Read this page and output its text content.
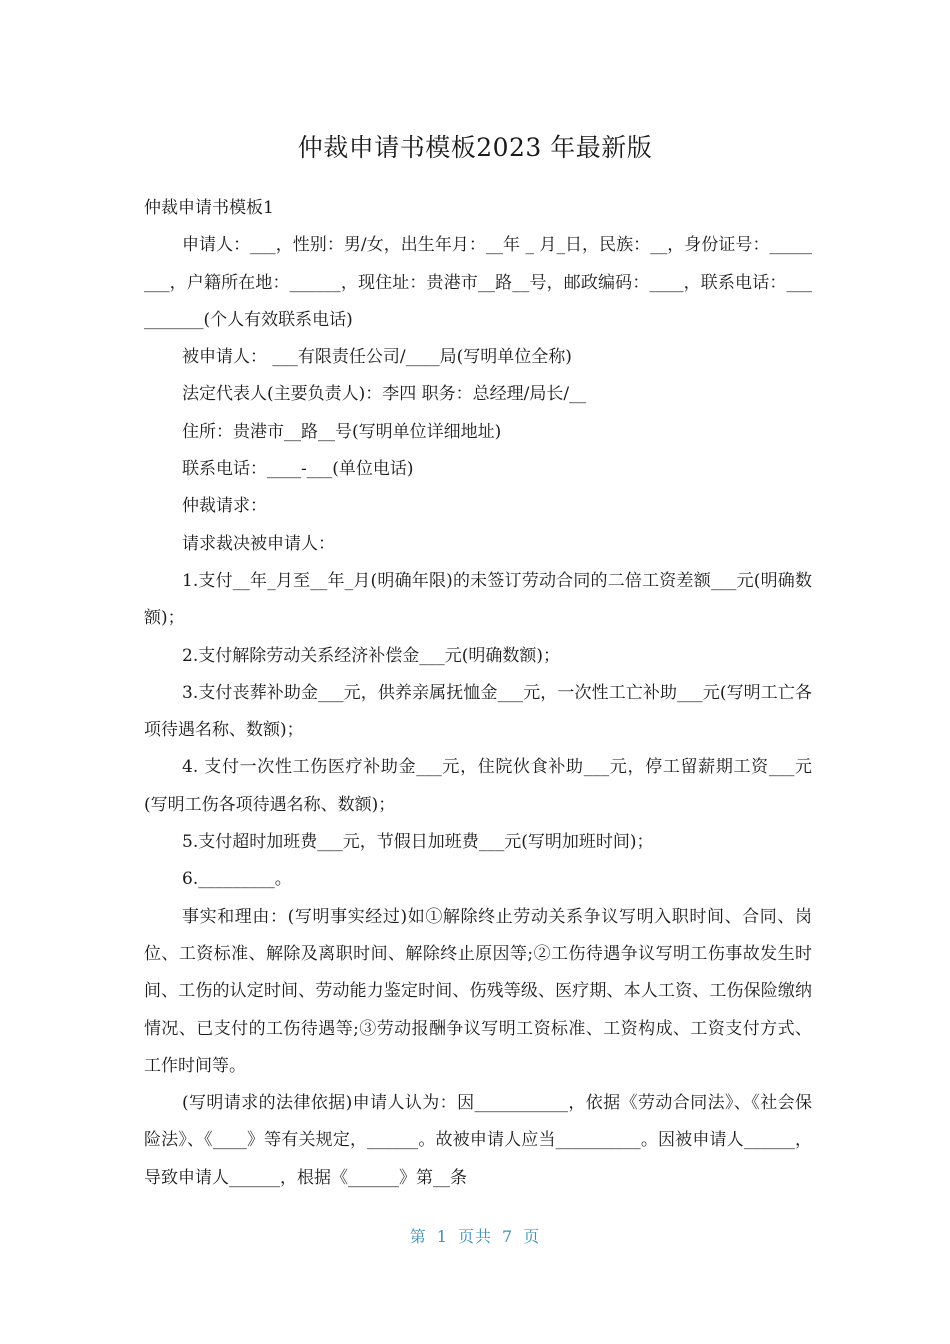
仲裁申请书模板2023 年最新版

仲裁申请书模板1

申请人：___，性别：男/女，出生年月：__年 _ 月_日，民族：__，身份证号：________，户籍所在地：______，现住址：贵港市__路__号，邮政编码：____，联系电话：__________(个人有效联系电话)

被申请人： ___有限责任公司/____局(写明单位全称)

法定代表人(主要负责人)：李四 职务：总经理/局长/__

住所：贵港市__路__号(写明单位详细地址)

联系电话：____-___(单位电话)

仲裁请求：

请求裁决被申请人：

1.支付__年_月至__年_月(明确年限)的未签订劳动合同的二倍工资差额___元(明确数额)；

2.支付解除劳动关系经济补偿金___元(明确数额)；

3.支付丧葬补助金___元，供养亲属抚恤金___元，一次性工亡补助___元(写明工亡各项待遇名称、数额)；

4. 支付一次性工伤医疗补助金___元，住院伙食补助___元，停工留薪期工资___元(写明工伤各项待遇名称、数额)；

5.支付超时加班费___元，节假日加班费___元(写明加班时间)；

6._________。

事实和理由：(写明事实经过)如①解除终止劳动关系争议写明入职时间、合同、岗位、工资标准、解除及离职时间、解除终止原因等;②工伤待遇争议写明工伤事故发生时间、工伤的认定时间、劳动能力鉴定时间、伤残等级、医疗期、本人工资、工伤保险缴纳情况、已支付的工伤待遇等;③劳动报酬争议写明工资标准、工资构成、工资支付方式、工作时间等。

(写明请求的法律依据)申请人认为：因___________，依据《劳动合同法》、《社会保险法》、《____》等有关规定，______。故被申请人应当__________。因被申请人______，导致申请人______，根据《______》第__条

第 1 页共 7 页
